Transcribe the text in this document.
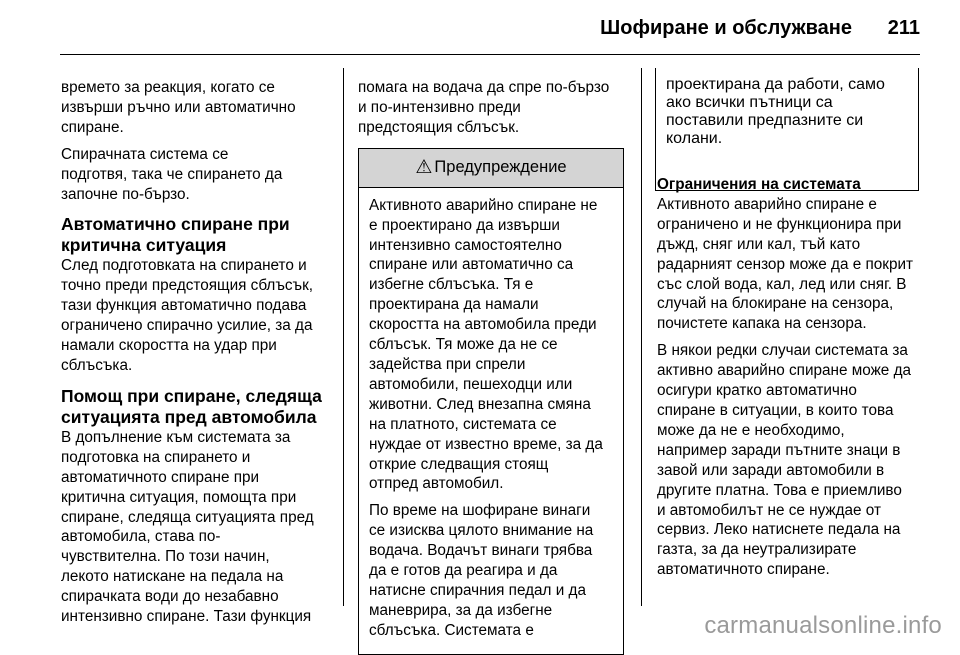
Шофиране и обслужване 211

времето за реакция, когато се
извърши ръчно или автоматично
спиране.

Спирачната система се
подготвя, така че спирането да
започне по-бързо.

Автоматично спиране при
критична ситуация

След подготовката на спирането и
точно преди предстоящия сблъсък,
тази функция автоматично подава
ограничено спирачно усилие, за да
намали скоростта на удар при
сблъсъка.

Помощ при спиране, следяща
ситуацията пред автомобила

В допълнение към системата за
подготовка на спирането и
автоматичното спиране при
критична ситуация, помощта при
спиране, следяща ситуацията пред
автомобила, става по-
чувствителна. По този начин,
лекото натискане на педала на
спирачката води до незабавно
интензивно спиране. Тази функция

помага на водача да спре по-бързо
и по-интензивно преди
предстоящия сблъсък.

⚠ Предупреждение

Активното аварийно спиране не
е проектирано да извърши
интензивно самостоятелно
спиране или автоматично са
избегне сблъсъка. Тя е
проектирана да намали
скоростта на автомобила преди
сблъсък. Тя може да не се
задейства при спрели
автомобили, пешеходци или
животни. След внезапна смяна
на платното, системата се
нуждае от известно време, за да
открие следващия стоящ
отпред автомобил.

По време на шофиране винаги
се изисква цялото внимание на
водача. Водачът винаги трябва
да е готов да реагира и да
натисне спирачния педал и да
маневрира, за да избегне
сблъсъка. Системата е

проектирана да работи, само
ако всички пътници са
поставили предпазните си
колани.

Ограничения на системата

Активното аварийно спиране е
ограничено и не функционира при
дъжд, сняг или кал, тъй като
радарният сензор може да е покрит
със слой вода, кал, лед или сняг. В
случай на блокиране на сензора,
почистете капака на сензора.

В някои редки случаи системата за
активно аварийно спиране може да
осигури кратко автоматично
спиране в ситуации, в които това
може да не е необходимо,
например заради пътните знаци в
завой или заради автомобили в
другите платна. Това е приемливо
и автомобилът не се нуждае от
сервиз. Леко натиснете педала на
газта, за да неутрализирате
автоматичното спиране.

carmanualsonline.info
